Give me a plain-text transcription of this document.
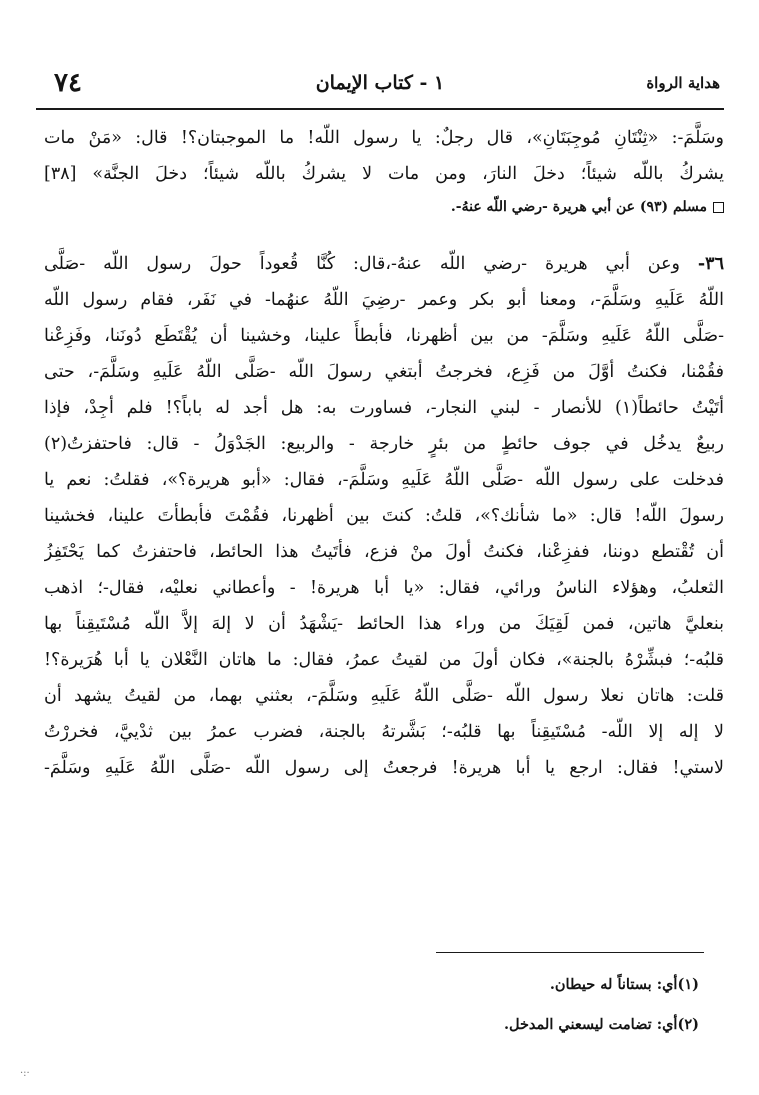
٧٤	١ - كتاب الإيمان	هداية الرواة
وسَلَّمَ-: «ثِنْتَانِ مُوجِبَتَانِ»، قال رجلٌ: يا رسول اللّه! ما الموجبتان؟! قال: «مَنْ مات
يشركُ باللّه شيئاً؛ دخلَ النارَ، ومن مات لا يشركُ باللّه شيئاً؛ دخلَ الجنَّة» [٣٨]
مسلم (٩٣) عن أبي هريرة -رضي اللّه عنهُ-.
٣٦- وعن أبي هريرة -رضي اللّه عنهُ-،قال: كُنَّا قُعوداً حولَ رسول اللّه -صَلَّى
اللّهُ عَلَيهِ وسَلَّمَ-، ومعنا أبو بكر وعمر -رضِيَ اللّهُ عنهُما- في نَفَر، فقام رسول اللّه
-صَلَّى اللّهُ عَلَيهِ وسَلَّمَ- من بين أظهرنا، فأبطأَ علينا، وخشينا أن يُقْتَطَع دُونَنا، وفَزِعْنا
فقُمْنا، فكنتُ أوَّلَ من فَزِع، فخرجتُ أبتغي رسولَ اللّه -صَلَّى اللّهُ عَلَيهِ وسَلَّمَ-، حتى
أتَيْتُ حائطاً(١) للأنصار - لبني النجار-، فساورت به: هل أجد له باباً؟! فلم أجِدْ، فإذا
ربيعٌ يدخُل في جوف حائطٍ من بئرٍ خارجة - والربيع: الجَدْوَلُ - قال: فاحتفزتُ(٢)
فدخلت على رسول اللّه -صَلَّى اللّهُ عَلَيهِ وسَلَّمَ-، فقال: «أبو هريرة؟»، فقلتُ: نعم يا
رسولَ اللّه! قال: «ما شأنك؟»، قلتُ: كنتَ بين أظهرنا، فقُمْتَ فأبطأتَ علينا، فخشينا
أن تُقْتطع دوننا، ففزِعْنا، فكنتُ أولَ منْ فزع، فأتَيتُ هذا الحائط، فاحتفزتُ كما يَحْتَفِزُ
الثعلبُ، وهؤلاء الناسُ ورائي، فقال: «يا أبا هريرة! - وأعطاني نعليْه، فقال-؛ اذهب
بنعليَّ هاتين، فمن لَقِيَكَ من وراء هذا الحائط -يَشْهَدُ أن لا إلهَ إلاَّ اللّه مُسْتَيقِناً بها
قلبُه-؛ فبشِّرْهُ بالجنة»، فكان أولَ من لقيتُ عمرُ، فقال: ما هاتان النَّعْلان يا أبا هُرَيرة؟!
قلت: هاتان نعلا رسول اللّه -صَلَّى اللّهُ عَلَيهِ وسَلَّمَ-، بعثني بهما، من لقيتُ يشهد أن
لا إله إلا اللّه- مُسْتَيقِناً بها قلبُه-؛ بَشَّرتهُ بالجنة، فضرب عمرُ بين ثدْييَّ، فخررْتُ
لاستي! فقال: ارجع يا أبا هريرة! فرجعتُ إلى رسول اللّه -صَلَّى اللّهُ عَلَيهِ وسَلَّمَ-
(١)أي: بستاناً له حيطان.
(٢)أي: تضامت ليسعني المدخل.
·:·
